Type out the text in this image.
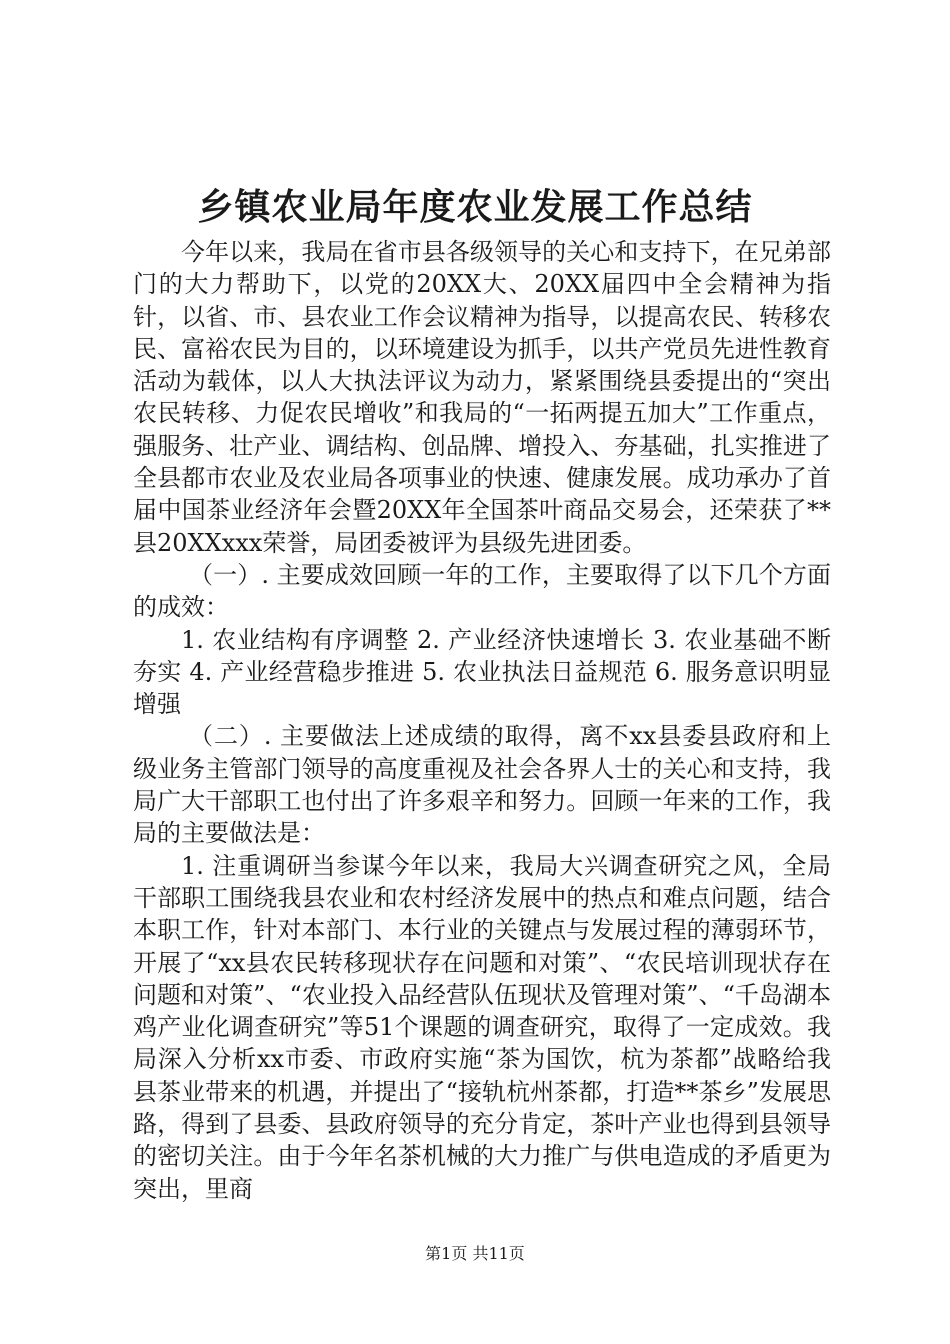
乡镇农业局年度农业发展工作总结

今年以来，我局在省市县各级领导的关心和支持下，在兄弟部门的大力帮助下，以党的20XX大、20XX届四中全会精神为指针，以省、市、县农业工作会议精神为指导，以提高农民、转移农民、富裕农民为目的，以环境建设为抓手，以共产党员先进性教育活动为载体，以人大执法评议为动力，紧紧围绕县委提出的“突出农民转移、力促农民增收”和我局的“一拓两提五加大”工作重点，强服务、壮产业、调结构、创品牌、增投入、夯基础，扎实推进了全县都市农业及农业局各项事业的快速、健康发展。成功承办了首届中国茶业经济年会暨20XX年全国茶叶商品交易会，还荣获了**县20XXxxx荣誉，局团委被评为县级先进团委。

（一）. 主要成效回顾一年的工作，主要取得了以下几个方面的成效：

1. 农业结构有序调整 2. 产业经济快速增长 3. 农业基础不断夯实 4. 产业经营稳步推进 5. 农业执法日益规范 6. 服务意识明显增强

（二）. 主要做法上述成绩的取得，离不xx县委县政府和上级业务主管部门领导的高度重视及社会各界人士的关心和支持，我局广大干部职工也付出了许多艰辛和努力。回顾一年来的工作，我局的主要做法是：

1. 注重调研当参谋今年以来，我局大兴调查研究之风，全局干部职工围绕我县农业和农村经济发展中的热点和难点问题，结合本职工作，针对本部门、本行业的关键点与发展过程的薄弱环节，开展了“xx县农民转移现状存在问题和对策”、“农民培训现状存在问题和对策”、“农业投入品经营队伍现状及管理对策”、“千岛湖本鸡产业化调查研究”等51个课题的调查研究，取得了一定成效。我局深入分析xx市委、市政府实施“茶为国饮，杭为茶都”战略给我县茶业带来的机遇，并提出了“接轨杭州茶都，打造**茶乡”发展思路，得到了县委、县政府领导的充分肯定，茶叶产业也得到县领导的密切关注。由于今年名茶机械的大力推广与供电造成的矛盾更为突出，里商

第1页 共11页
